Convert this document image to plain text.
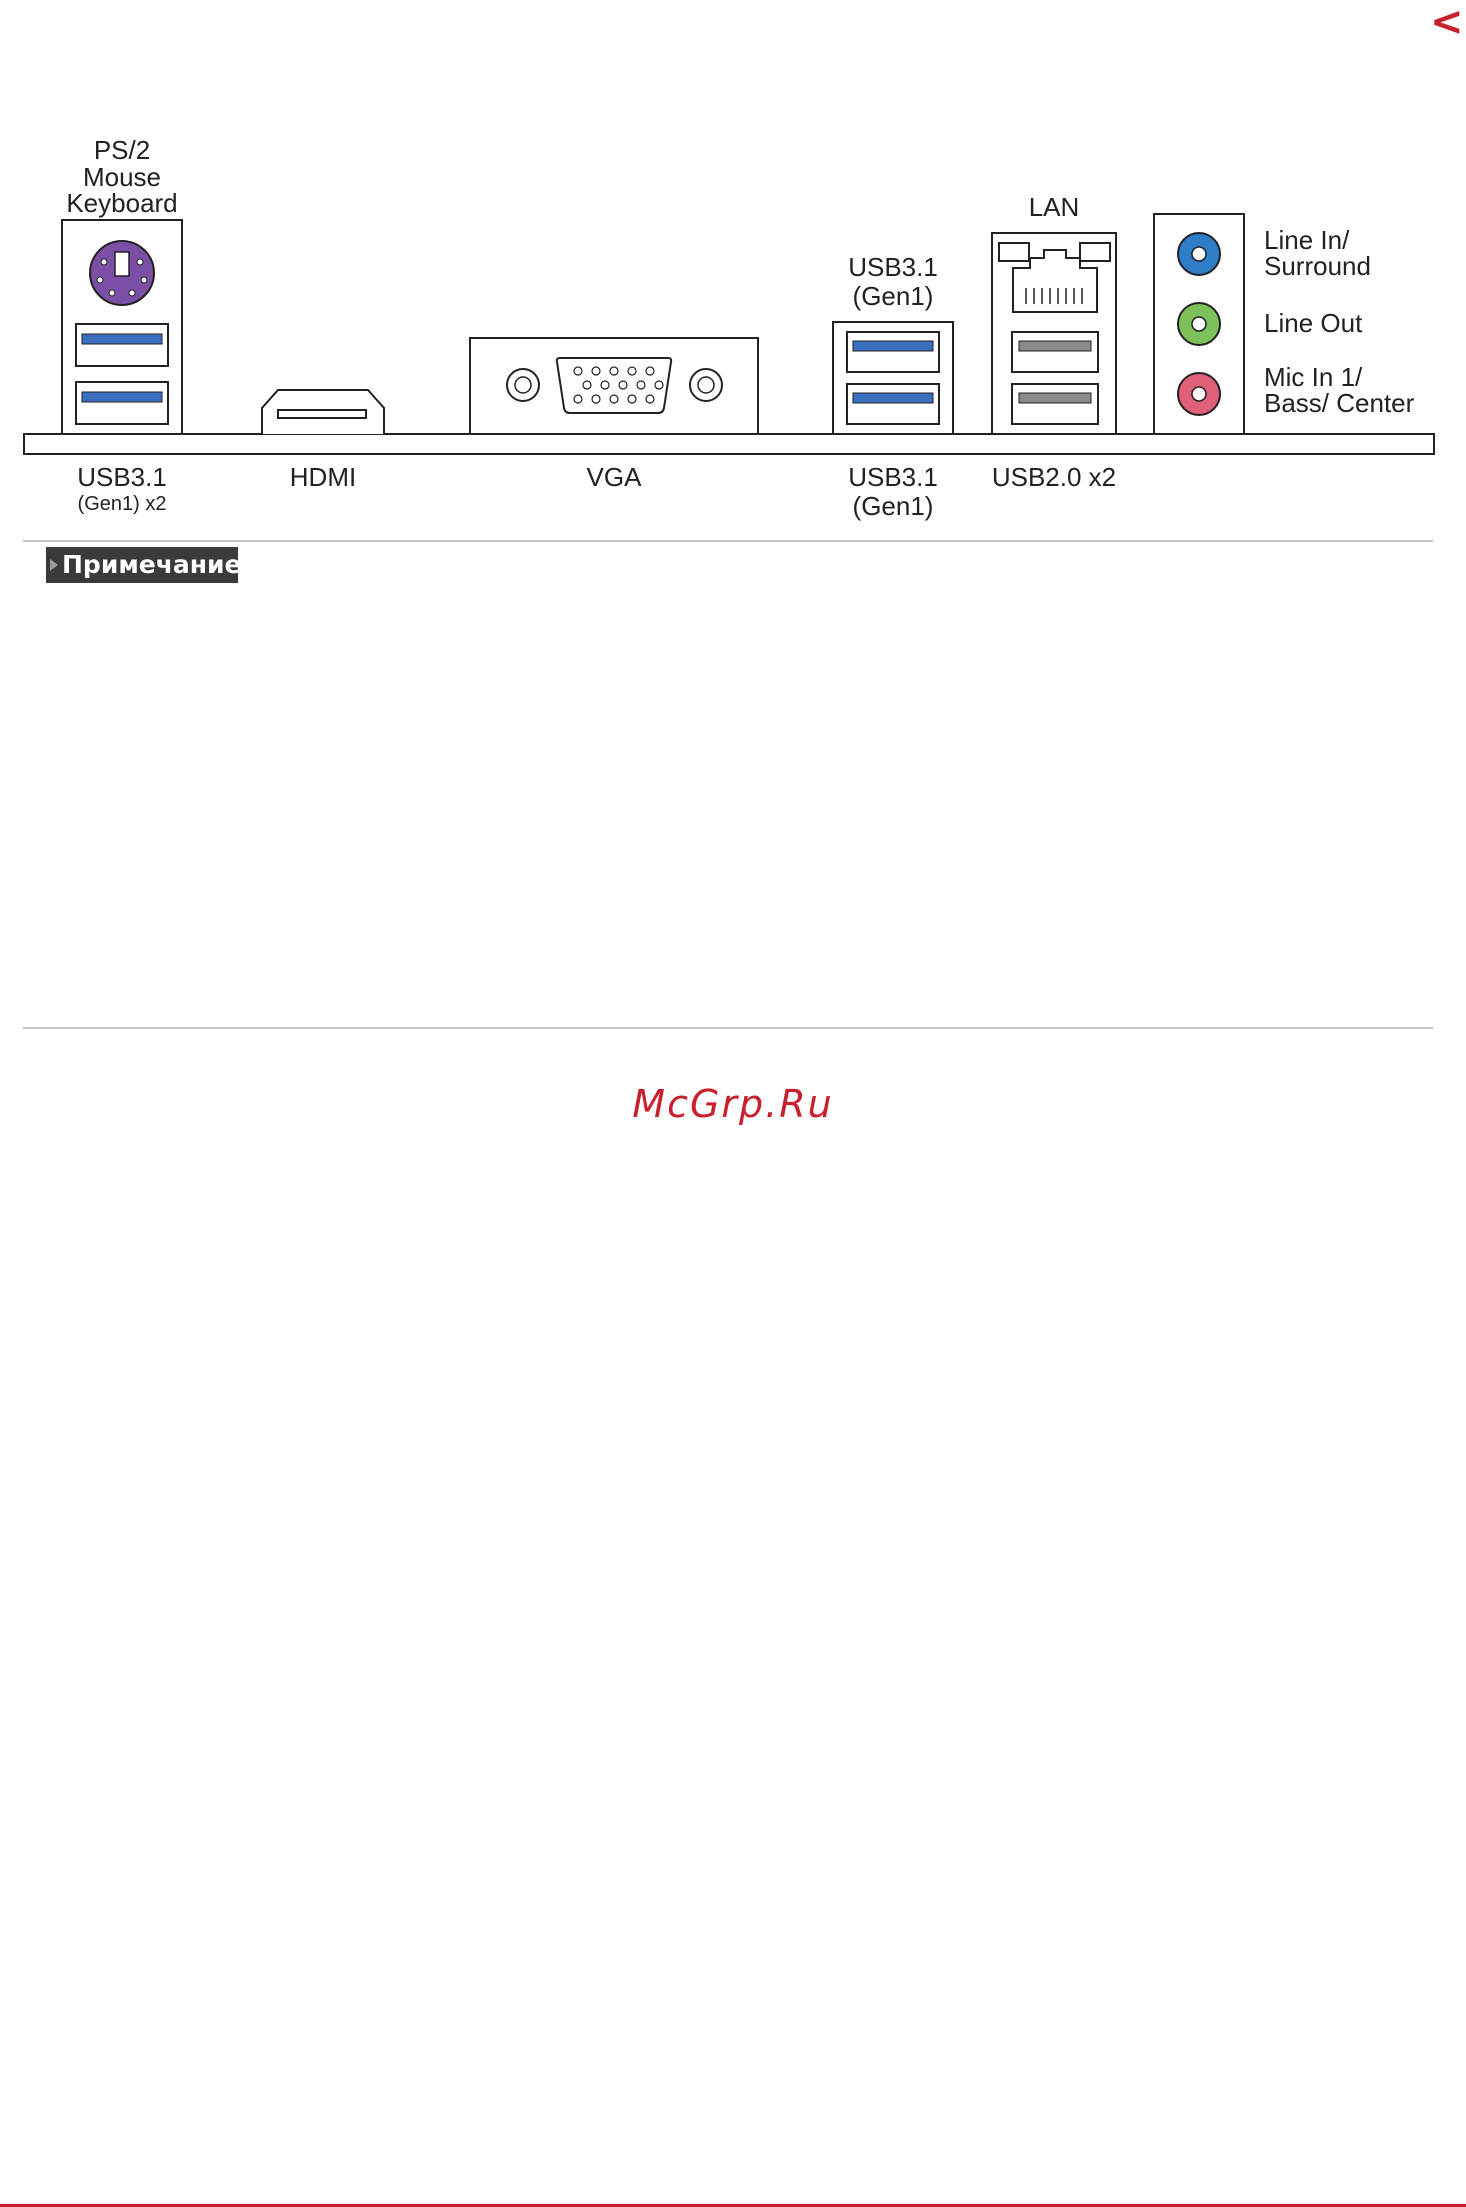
<
PS/2
Mouse
Keyboard	LAN
USB3.1
(Gen1)
Line In/
Surround
Line Out
Mic In 1/
Bass/ Center
USB3.1
(Gen1) x2
HDMI	VGA	USB3.1
(Gen1)
USB2.0 x2
Примечание
McGrp.Ru
